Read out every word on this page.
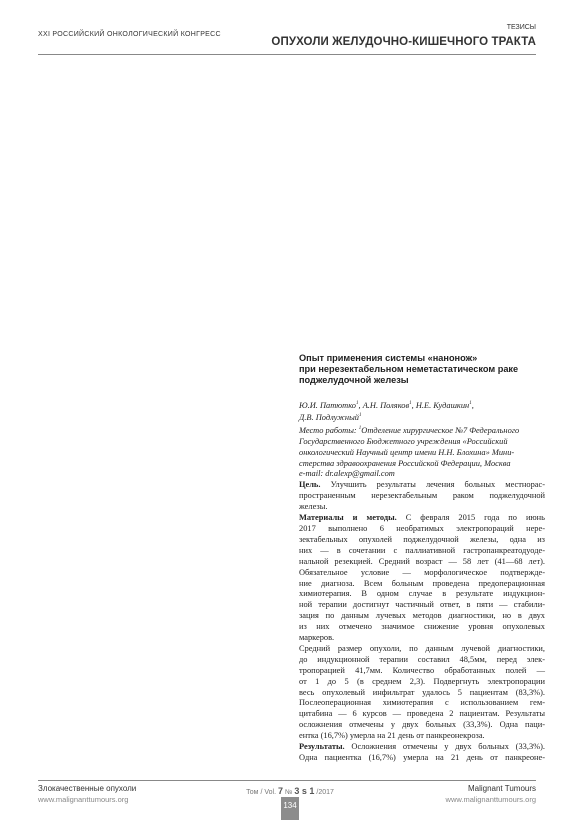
XXI РОССИЙСКИЙ ОНКОЛОГИЧЕСКИЙ КОНГРЕСС
ТЕЗИСЫ
ОПУХОЛИ ЖЕЛУДОЧНО-КИШЕЧНОГО ТРАКТА
Опыт применения системы «нанонож»
при нерезектабельном неметастатическом раке
поджелудочной железы
Ю.И. Патютко$^1$, А.Н. Поляков$^1$, Н.Е. Кудашкин$^1$,
Д.В. Подлужный$^1$
Место работы: $^1$Отделение хирургическое №7 Федерального
Государственного Бюджетного учреждения «Российский
онкологический Научный центр имени Н.Н. Блохина» Мини-
стерства здравоохранения Российской Федерации, Москва
e-mail: dr.alexp@gmail.com
Цель. Улучшить результаты лечения больных местнорас-
пространенным нерезектабельным раком поджелудочной
железы.
Материалы и методы. С февраля 2015 года по июнь
2017 выполнено 6 необратимых электропораций нере-
зектабельных опухолей поджелудочной железы, одна из
них — в сочетании с паллиативной гастропанкреатодуоде-
нальной резекцией. Средний возраст — 58 лет (41—68 лет).
Обязательное условие — морфологическое подтвержде-
ние диагноза. Всем больным проведена предоперационная
химиотерапия. В одном случае в результате индукцион-
ной терапии достигнут частичный ответ, в пяти — стабили-
зация по данным лучевых методов диагностики, но в двух
из них отмечено значимое снижение уровня опухолевых
маркеров.
Средний размер опухоли, по данным лучевой диагностики,
до индукционной терапии составил 48,5мм, перед элек-
тропорацией 41,7мм. Количество обработанных полей —
от 1 до 5 (в среднем 2,3). Подвергнуть электропорации
весь опухолевый инфильтрат удалось 5 пациентам (83,3%).
Послеоперационная химиотерапия с использованием гем-
цитабина — 6 курсов — проведена 2 пациентам. Результаты
осложнения отмечены у двух больных (33,3%). Одна паци-
ентка (16,7%) умерла на 21 день от панкреонекроза.
Результаты. Осложнения отмечены у двух больных (33,3%).
Одна пациентка (16,7%) умерла на 21 день от панкреоне-
Злокачественные опухоли
www.malignanttumours.org
Том / Vol. 7 № 3 s 1 /2017	Malignant Tumours
www.malignanttumours.org
134
